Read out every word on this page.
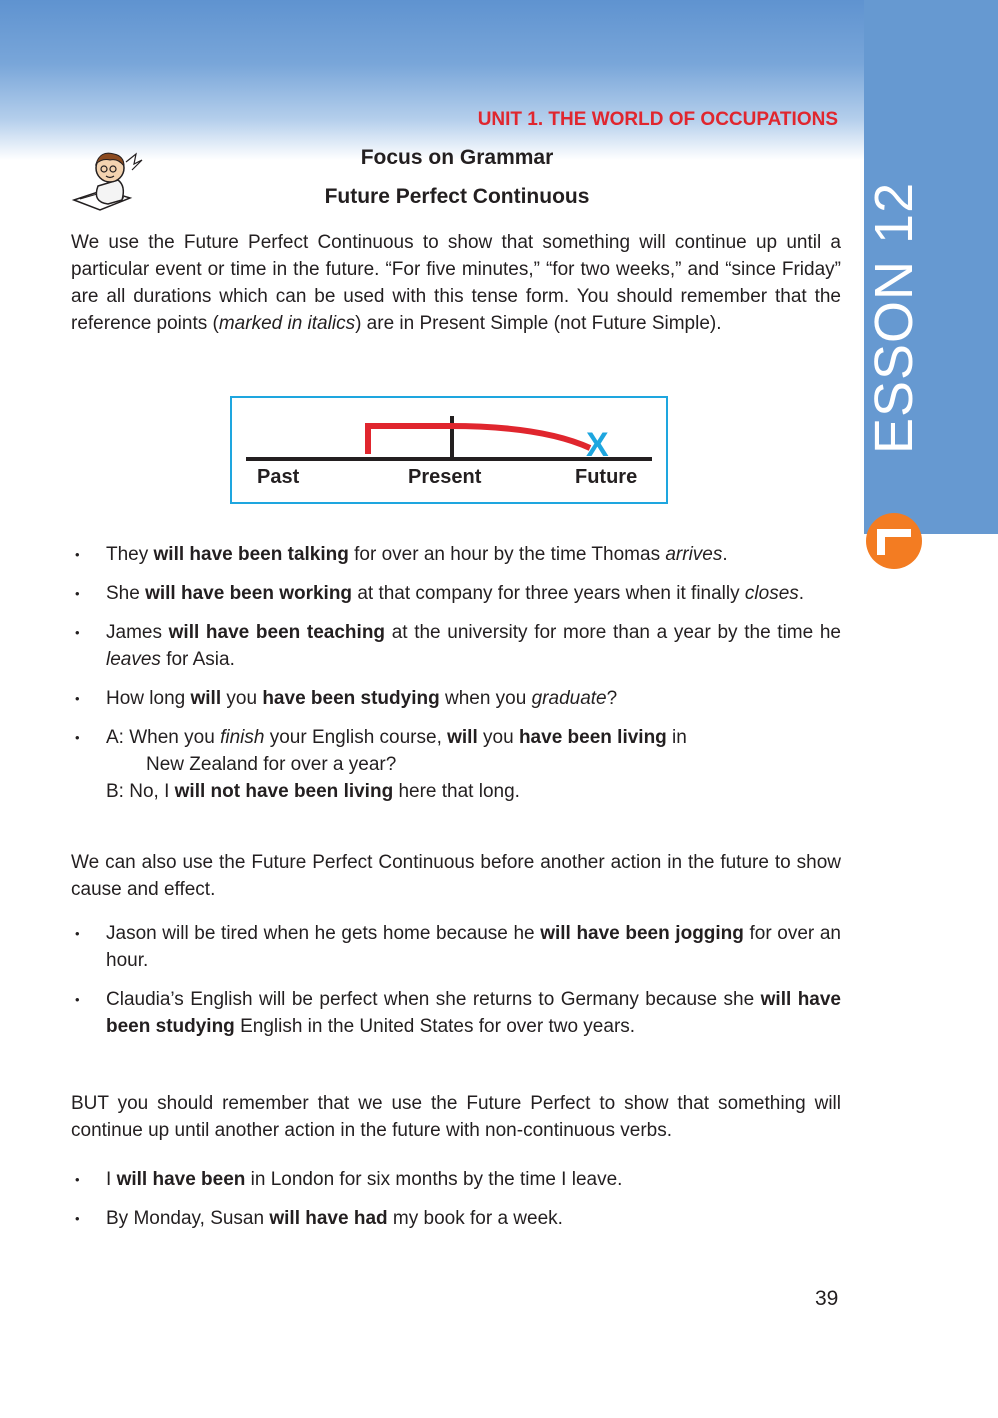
ESSON 12
UNIT 1. THE WORLD OF OCCUPATIONS
Focus on Grammar
Future Perfect Continuous

We use the Future Perfect Continuous to show that something will continue up until a particular event or time in the future. “For five minutes,” “for two weeks,” and “since Friday” are all durations which can be used with this tense form. You should remember that the reference points (marked in italics) are in Present Simple (not Future Simple).

X
Past	Present	Future
• They will have been talking for over an hour by the time Thomas arrives.
• She will have been working at that company for three years when it finally closes.
• James will have been teaching at the university for more than a year by the time he leaves for Asia.
• How long will you have been studying when you graduate?
• A: When you finish your English course, will you have been living in
New Zealand for over a year?
B: No, I will not have been living here that long.

We can also use the Future Perfect Continuous before another action in the future to show cause and effect.

• Jason will be tired when he gets home because he will have been jogging for over an hour.
• Claudia’s English will be perfect when she returns to Germany because she will have been studying English in the United States for over two years.

BUT you should remember that we use the Future Perfect to show that something will continue up until another action in the future with non-continuous verbs.

• I will have been in London for six months by the time I leave.
• By Monday, Susan will have had my book for a week.
39
